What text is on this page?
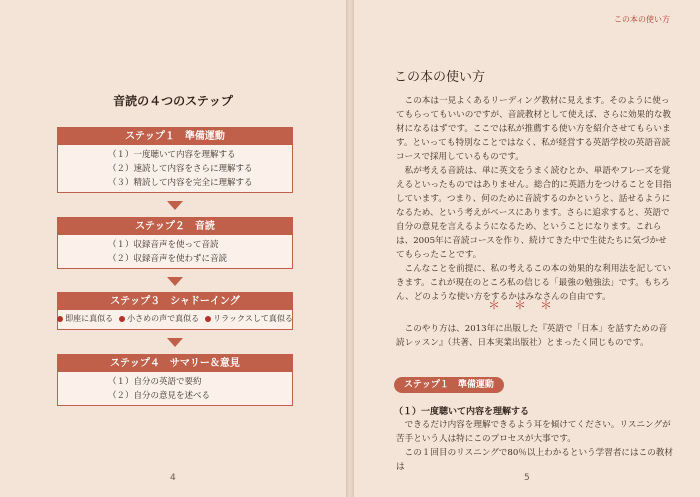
音読の４つのステップ
ステップ１　準備運動
（１）一度聴いて内容を理解する
（２）速読して内容をさらに理解する
（３）精読して内容を完全に理解する
ステップ２　音読
（１）収録音声を使って音読
（２）収録音声を使わずに音読
ステップ３　シャドーイング
即座に真似る 小さめの声で真似る リラックスして真似る
ステップ４　サマリー＆意見
（１）自分の英語で要約
（２）自分の意見を述べる
4
この本の使い方
この本の使い方

この本は一見よくあるリーディング教材に見えます。そのように使ってもらってもいいのですが、音読教材として使えば、さらに効果的な教材になるはずです。ここでは私が推薦する使い方を紹介させてもらいます。といっても特別なことではなく、私が経営する英語学校の英語音読コースで採用しているものです。

私が考える音読は、単に英文をうまく読むとか、単語やフレーズを覚えるといったものではありません。総合的に英語力をつけることを目指しています。つまり、何のために音読するのかというと、話せるようになるため、という考えがベースにあります。さらに追求すると、英語で自分の意見を言えるようになるため、ということになります。これらは、2005年に音読コースを作り、続けてきた中で生徒たちに気づかせてもらったことです。

こんなことを前提に、私の考えるこの本の効果的な利用法を記していきます。これが現在のところ私の信じる「最強の勉強法」です。もちろん、どのような使い方をするかはみなさんの自由です。

＊＊＊

このやり方は、2013年に出版した『英語で「日本」を話すための音読レッスン』（共著、日本実業出版社）とまったく同じものです。

ステップ１　準備運動
（１）一度聴いて内容を理解する

できるだけ内容を理解できるよう耳を傾けてください。リスニングが苦手という人は特にこのプロセスが大事です。

この１回目のリスニングで80％以上わかるという学習者にはこの教材は

5
